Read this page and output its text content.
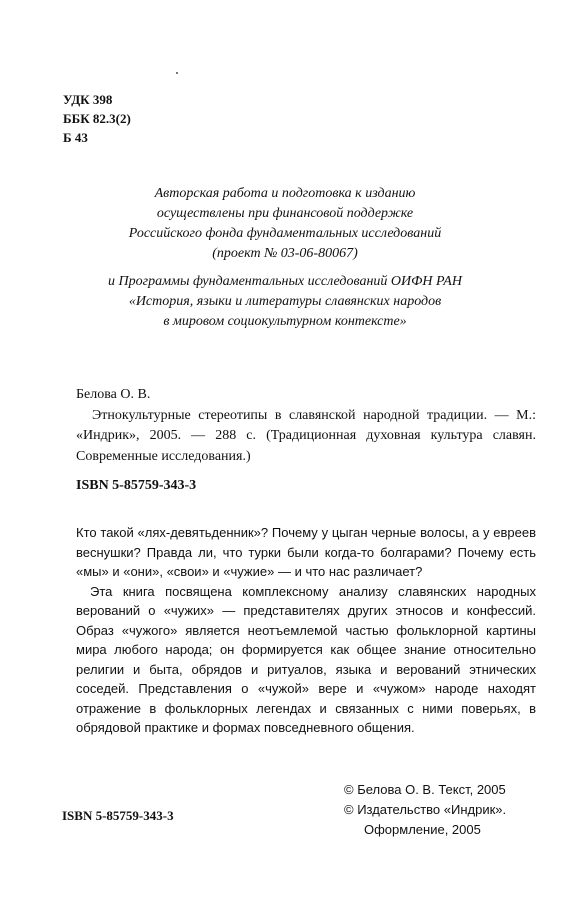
УДК 398
ББК 82.3(2)
Б 43
Авторская работа и подготовка к изданию
осуществлены при финансовой поддержке
Российского фонда фундаментальных исследований
(проект № 03-06-80067)
и Программы фундаментальных исследований ОИФН РАН
«История, языки и литературы славянских народов
в мировом социокультурном контексте»
Белова О. В.
Этнокультурные стереотипы в славянской народной традиции. — М.: «Индрик», 2005. — 288 с. (Традиционная духовная культура славян. Современные исследования.)
ISBN 5-85759-343-3

Кто такой «лях-девятьденник»? Почему у цыган черные волосы, а у евреев веснушки? Правда ли, что турки были когда-то болгарами? Почему есть «мы» и «они», «свои» и «чужие» — и что нас различает?

Эта книга посвящена комплексному анализу славянских народных верований о «чужих» — представителях других этносов и конфессий. Образ «чужого» является неотъемлемой частью фольклорной картины мира любого народа; он формируется как общее знание относительно религии и быта, обрядов и ритуалов, языка и верований этнических соседей. Представления о «чужой» вере и «чужом» народе находят отражение в фольклорных легендах и связанных с ними поверьях, в обрядовой практике и формах повседневного общения.

ISBN 5-85759-343-3
© Белова О. В. Текст, 2005
© Издательство «Индрик».
Оформление, 2005
